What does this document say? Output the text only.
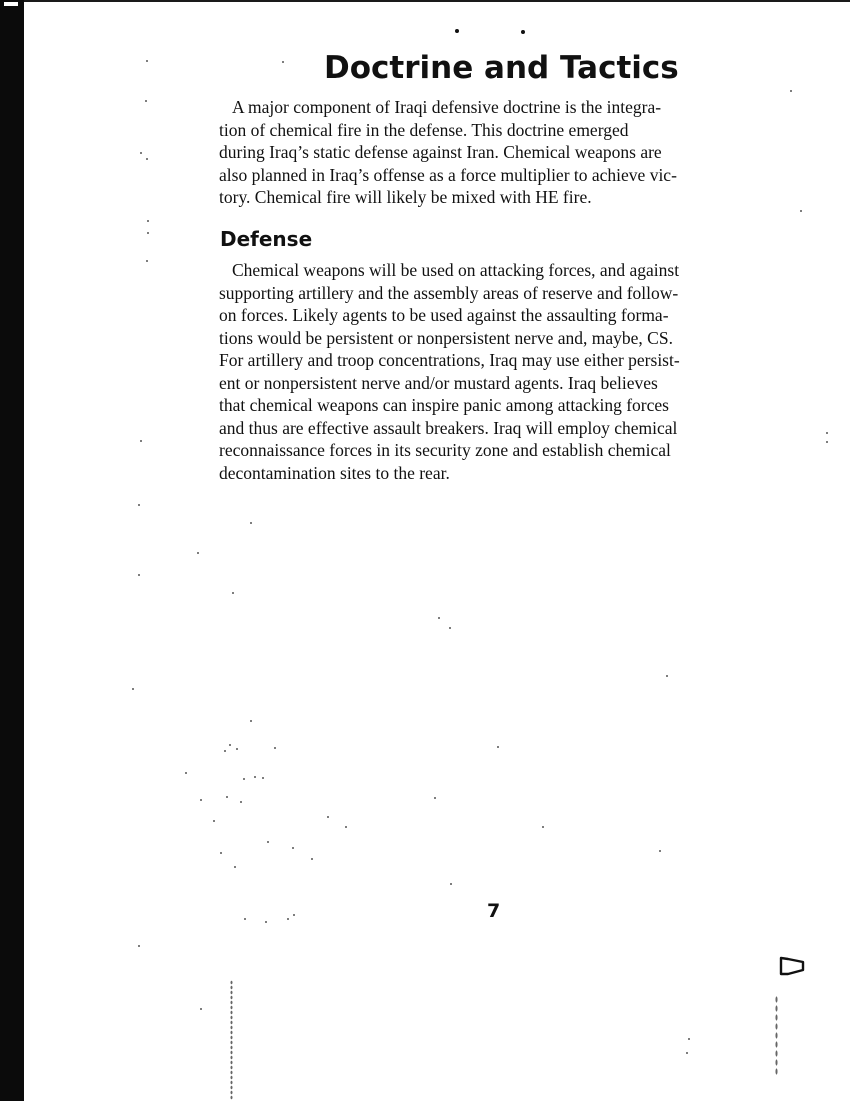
Doctrine and Tactics
A major component of Iraqi defensive doctrine is the integra-
tion of chemical fire in the defense. This doctrine emerged
during Iraq’s static defense against Iran. Chemical weapons are
also planned in Iraq’s offense as a force multiplier to achieve vic-
tory. Chemical fire will likely be mixed with HE fire.
Defense
Chemical weapons will be used on attacking forces, and against
supporting artillery and the assembly areas of reserve and follow-
on forces. Likely agents to be used against the assaulting forma-
tions would be persistent or nonpersistent nerve and, maybe, CS.
For artillery and troop concentrations, Iraq may use either persist-
ent or nonpersistent nerve and/or mustard agents. Iraq believes
that chemical weapons can inspire panic among attacking forces
and thus are effective assault breakers. Iraq will employ chemical
reconnaissance forces in its security zone and establish chemical
decontamination sites to the rear.
7
